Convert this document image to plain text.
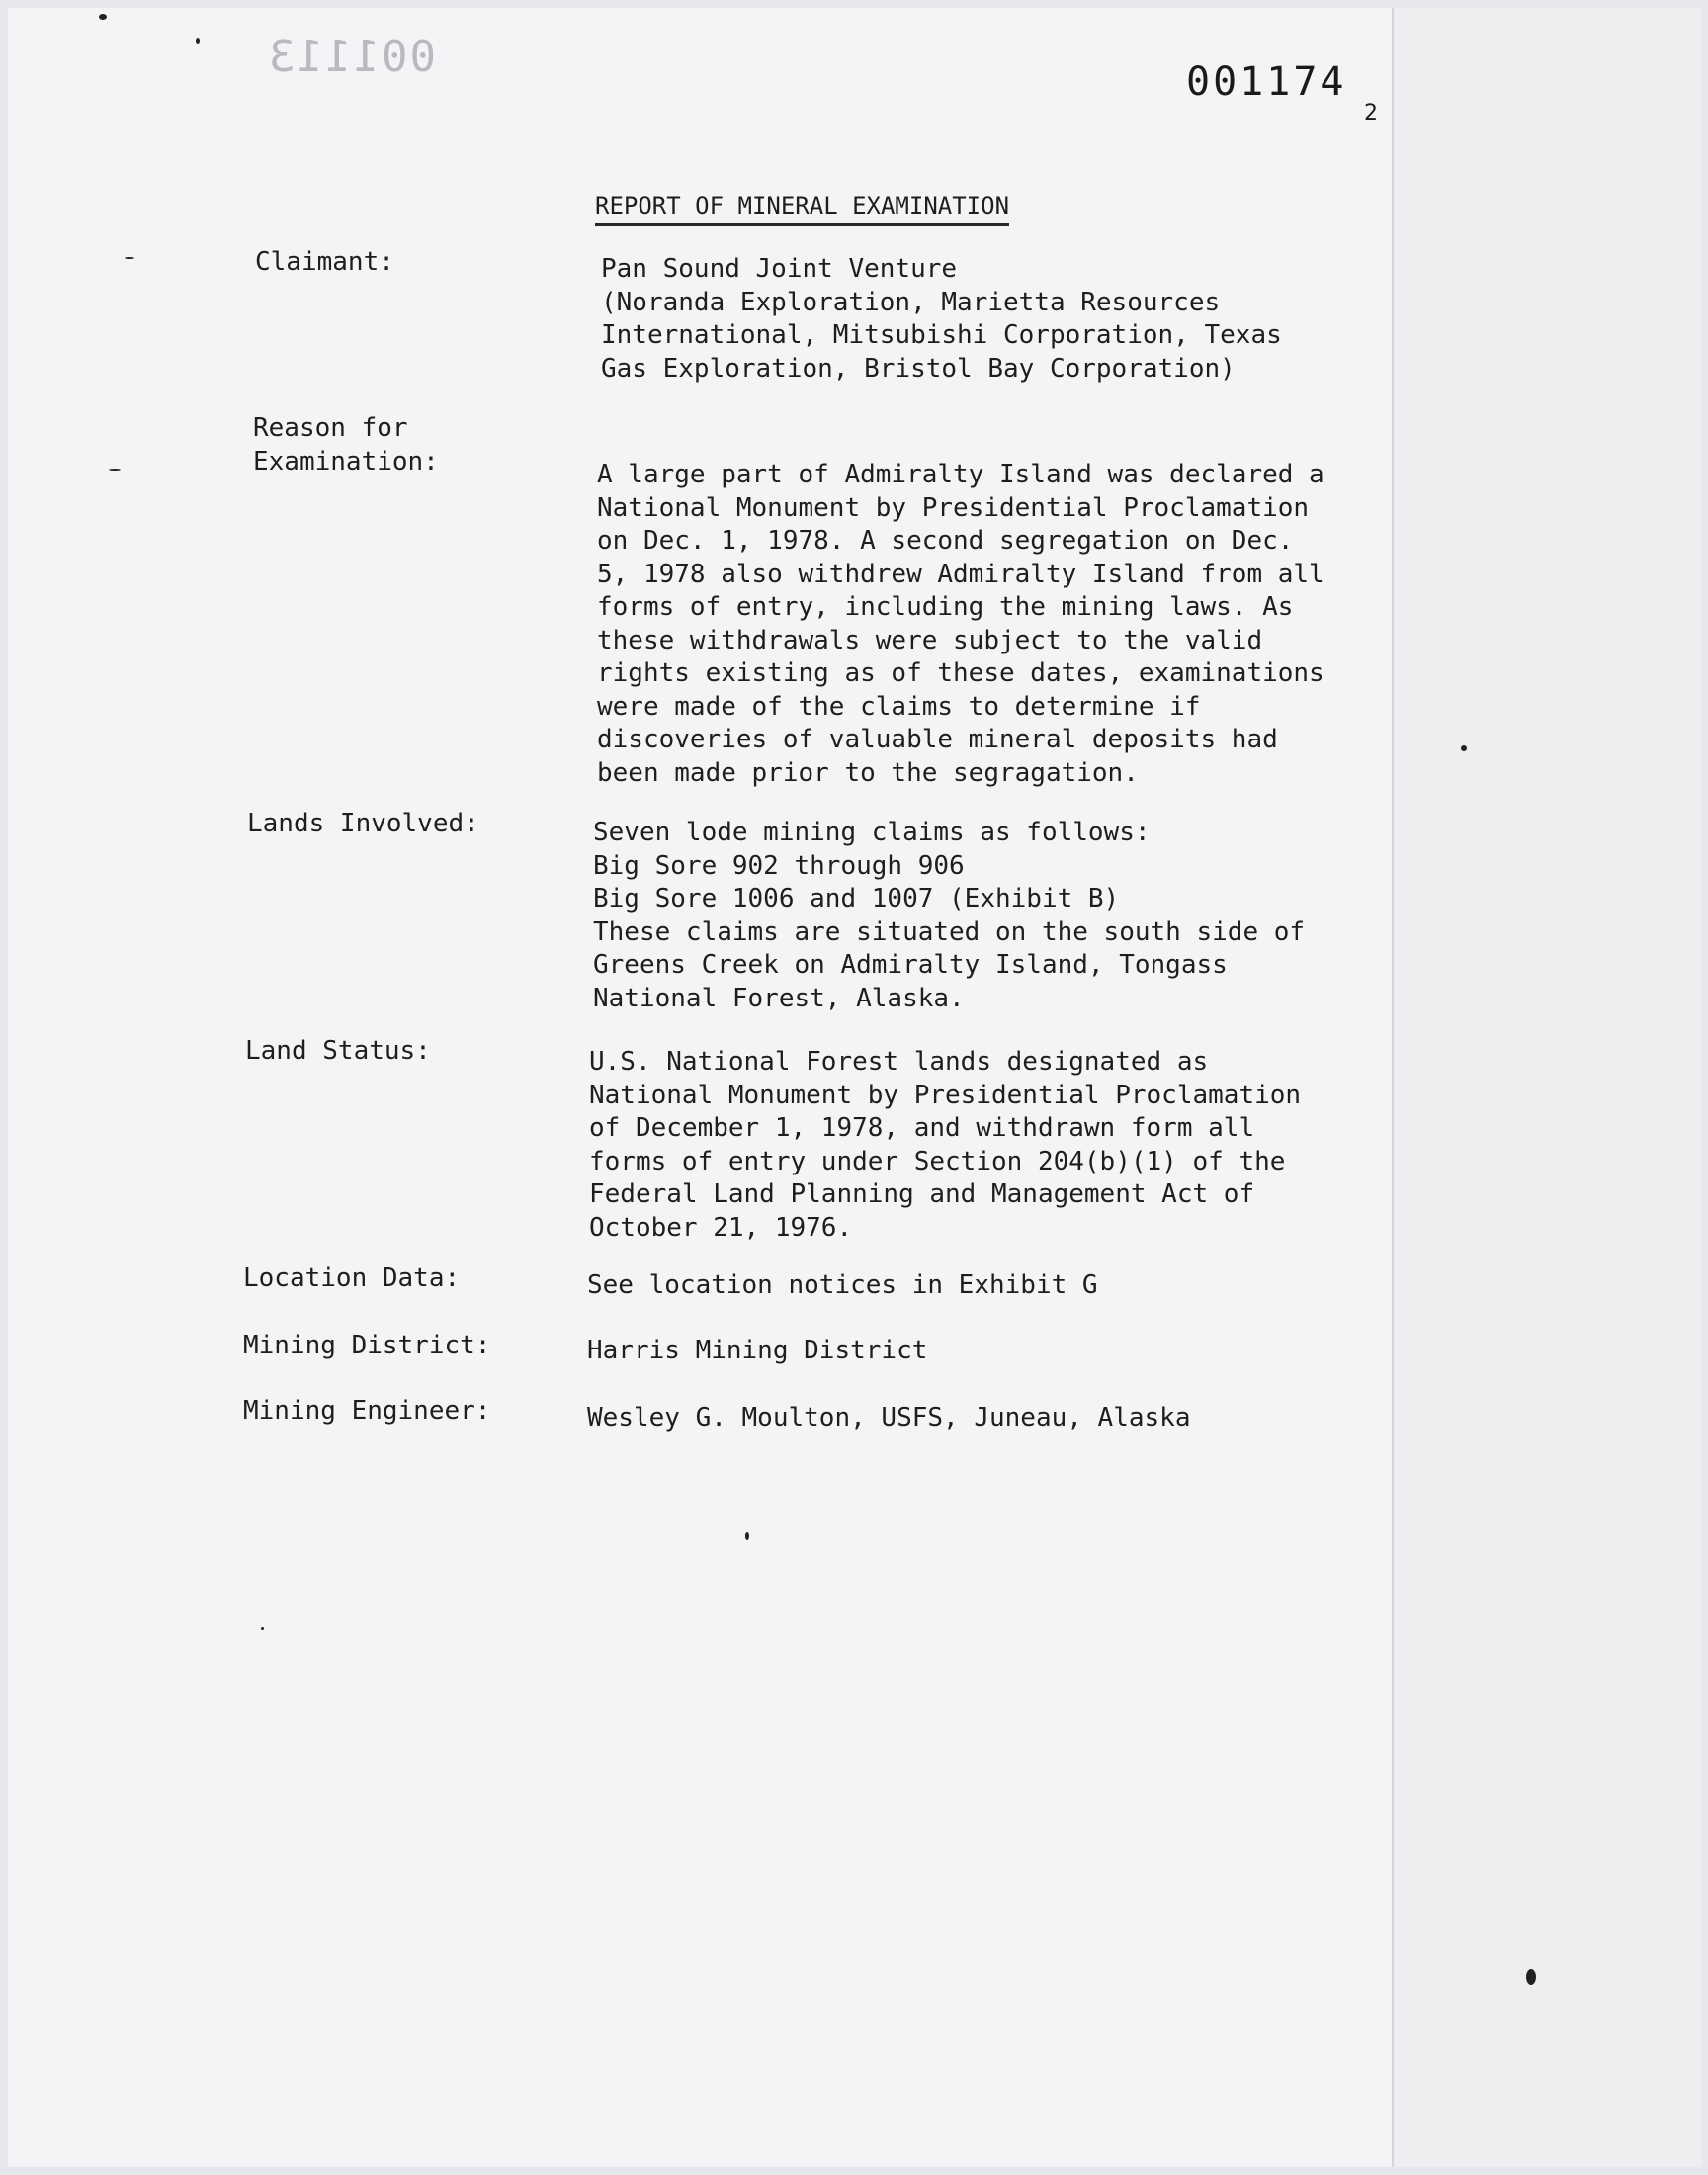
001113	001174
2
REPORT OF MINERAL EXAMINATION
Claimant:	Pan Sound Joint Venture
(Noranda Exploration, Marietta Resources
International, Mitsubishi Corporation, Texas
Gas Exploration, Bristol Bay Corporation)
Reason for
Examination:	A large part of Admiralty Island was declared a
National Monument by Presidential Proclamation
on Dec. 1, 1978. A second segregation on Dec.
5, 1978 also withdrew Admiralty Island from all
forms of entry, including the mining laws. As
these withdrawals were subject to the valid
rights existing as of these dates, examinations
were made of the claims to determine if
discoveries of valuable mineral deposits had
been made prior to the segragation.
Lands Involved:	Seven lode mining claims as follows:
Big Sore 902 through 906
Big Sore 1006 and 1007 (Exhibit B)
These claims are situated on the south side of
Greens Creek on Admiralty Island, Tongass
National Forest, Alaska.
Land Status:	U.S. National Forest lands designated as
National Monument by Presidential Proclamation
of December 1, 1978, and withdrawn form all
forms of entry under Section 204(b)(1) of the
Federal Land Planning and Management Act of
October 21, 1976.
Location Data:	See location notices in Exhibit G
Mining District:	Harris Mining District
Mining Engineer:	Wesley G. Moulton, USFS, Juneau, Alaska
